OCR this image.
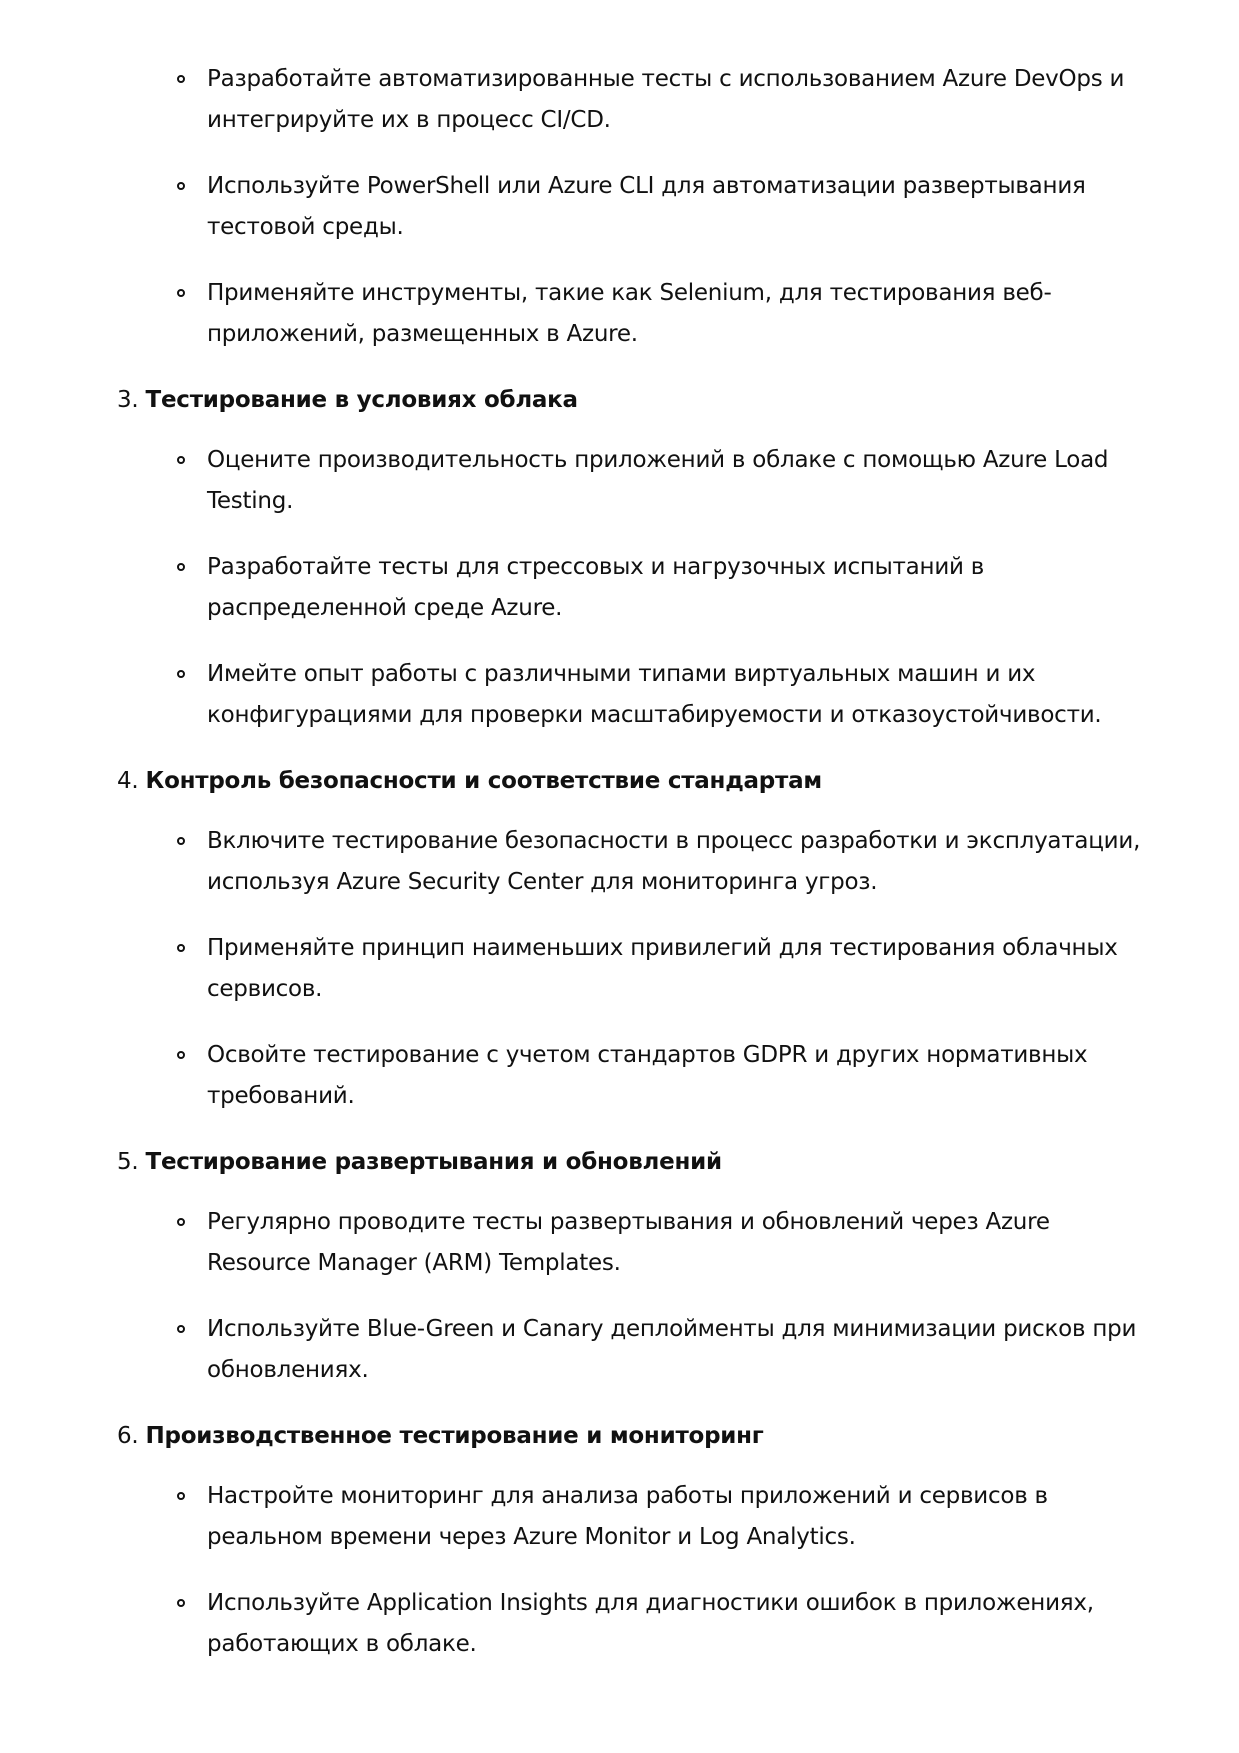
Разработайте автоматизированные тесты с использованием Azure DevOps и интегрируйте их в процесс CI/CD.
Используйте PowerShell или Azure CLI для автоматизации развертывания тестовой среды.
Применяйте инструменты, такие как Selenium, для тестирования веб-приложений, размещенных в Azure.
3. Тестирование в условиях облака
Оцените производительность приложений в облаке с помощью Azure Load Testing.
Разработайте тесты для стрессовых и нагрузочных испытаний в распределенной среде Azure.
Имейте опыт работы с различными типами виртуальных машин и их конфигурациями для проверки масштабируемости и отказоустойчивости.
4. Контроль безопасности и соответствие стандартам
Включите тестирование безопасности в процесс разработки и эксплуатации, используя Azure Security Center для мониторинга угроз.
Применяйте принцип наименьших привилегий для тестирования облачных сервисов.
Освойте тестирование с учетом стандартов GDPR и других нормативных требований.
5. Тестирование развертывания и обновлений
Регулярно проводите тесты развертывания и обновлений через Azure Resource Manager (ARM) Templates.
Используйте Blue-Green и Canary деплойменты для минимизации рисков при обновлениях.
6. Производственное тестирование и мониторинг
Настройте мониторинг для анализа работы приложений и сервисов в реальном времени через Azure Monitor и Log Analytics.
Используйте Application Insights для диагностики ошибок в приложениях, работающих в облаке.
